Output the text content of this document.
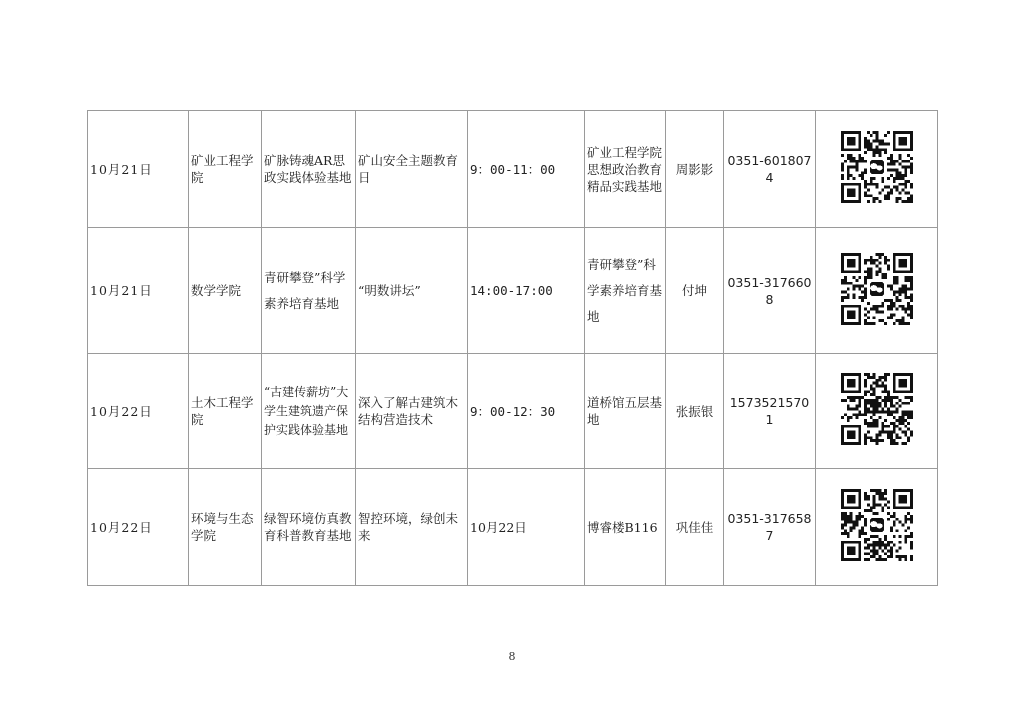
10月21日	矿业工程学院	矿脉铸魂AR思政实践体验基地	矿山安全主题教育日	9：00-11：00	矿业工程学院思想政治教育精品实践基地	周影影	0351-6018074	

10月21日	数学学院	青研攀登”科学素养培育基地	“明数讲坛”	14:00-17:00	青研攀登”科学素养培育基地	付坤	0351-3176608	

10月22日	土木工程学院	“古建传薪坊”大学生建筑遗产保护实践体验基地	深入了解古建筑木结构营造技术	9：00-12：30	道桥馆五层基地	张振银	15735215701	

10月22日	环境与生态学院	绿智环境仿真教育科普教育基地	智控环境，绿创未来	10月22日	博睿楼B116	巩佳佳	0351-3176587	
8
